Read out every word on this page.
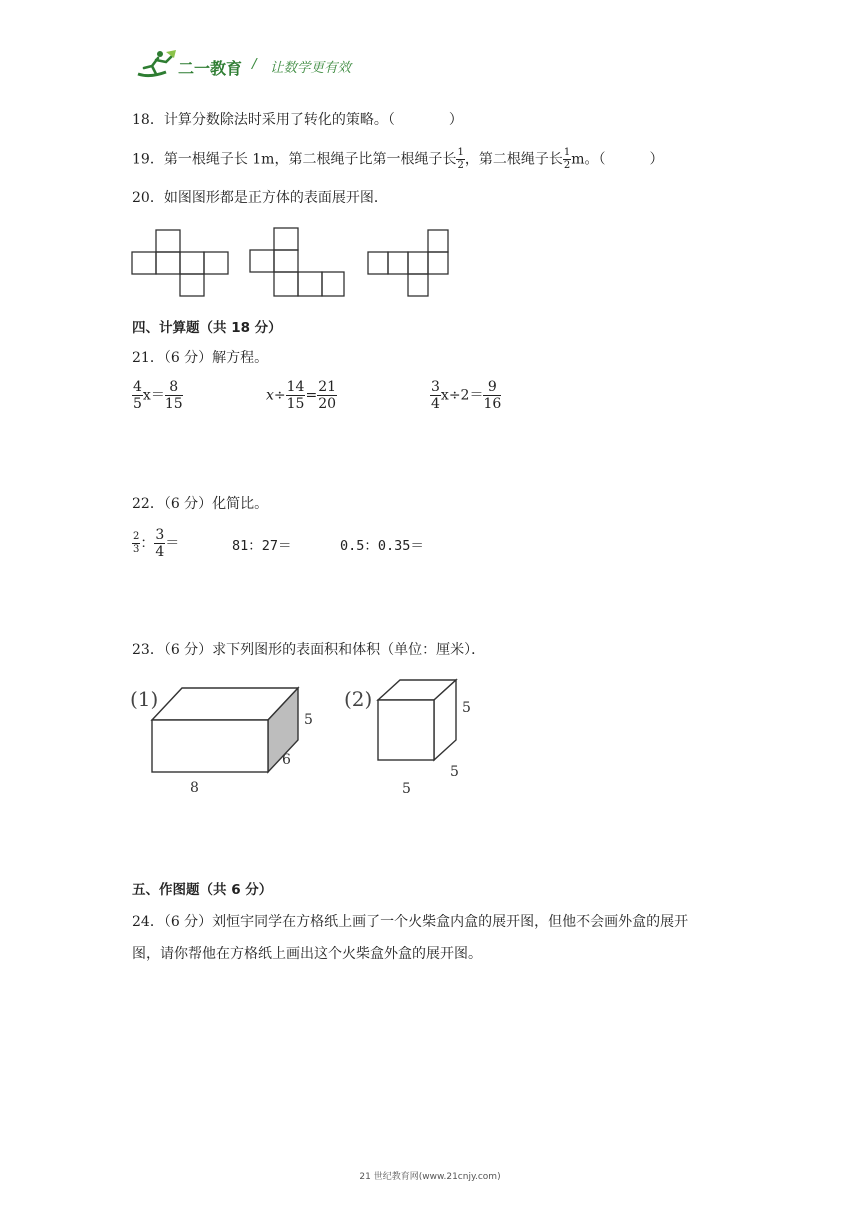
二一教育 / 让数学更有效
18．计算分数除法时采用了转化的策略。（	）
19．第一根绳子长 1m，第二根绳子比第一根绳子长 $\frac{1}{2}$ ，第二根绳子长 $\frac{1}{2}$ m。（	）
20．如图图形都是正方体的表面展开图．
四、计算题（共 18 分）
21．（6 分）解方程。
$\frac{4}{5} x= \frac{8}{15}$	$x\div \frac{14}{15} = \frac{21}{20}$	$\frac{3}{4} x\div 2= \frac{9}{16}$
22．（6 分）化简比。
$\frac{2}{3}$ ： $\frac{3}{4}$ ＝	81：27＝	0.5：0.35＝
23．（6 分）求下列图形的表面积和体积（单位：厘米）．
(1)
5
6
8
(2)	5
5
5
五、作图题（共 6 分）
24．（6 分）刘恒宇同学在方格纸上画了一个火柴盒内盒的展开图，但他不会画外盒的展开
图，请你帮他在方格纸上画出这个火柴盒外盒的展开图。
21 世纪教育网(www.21cnjy.com)
